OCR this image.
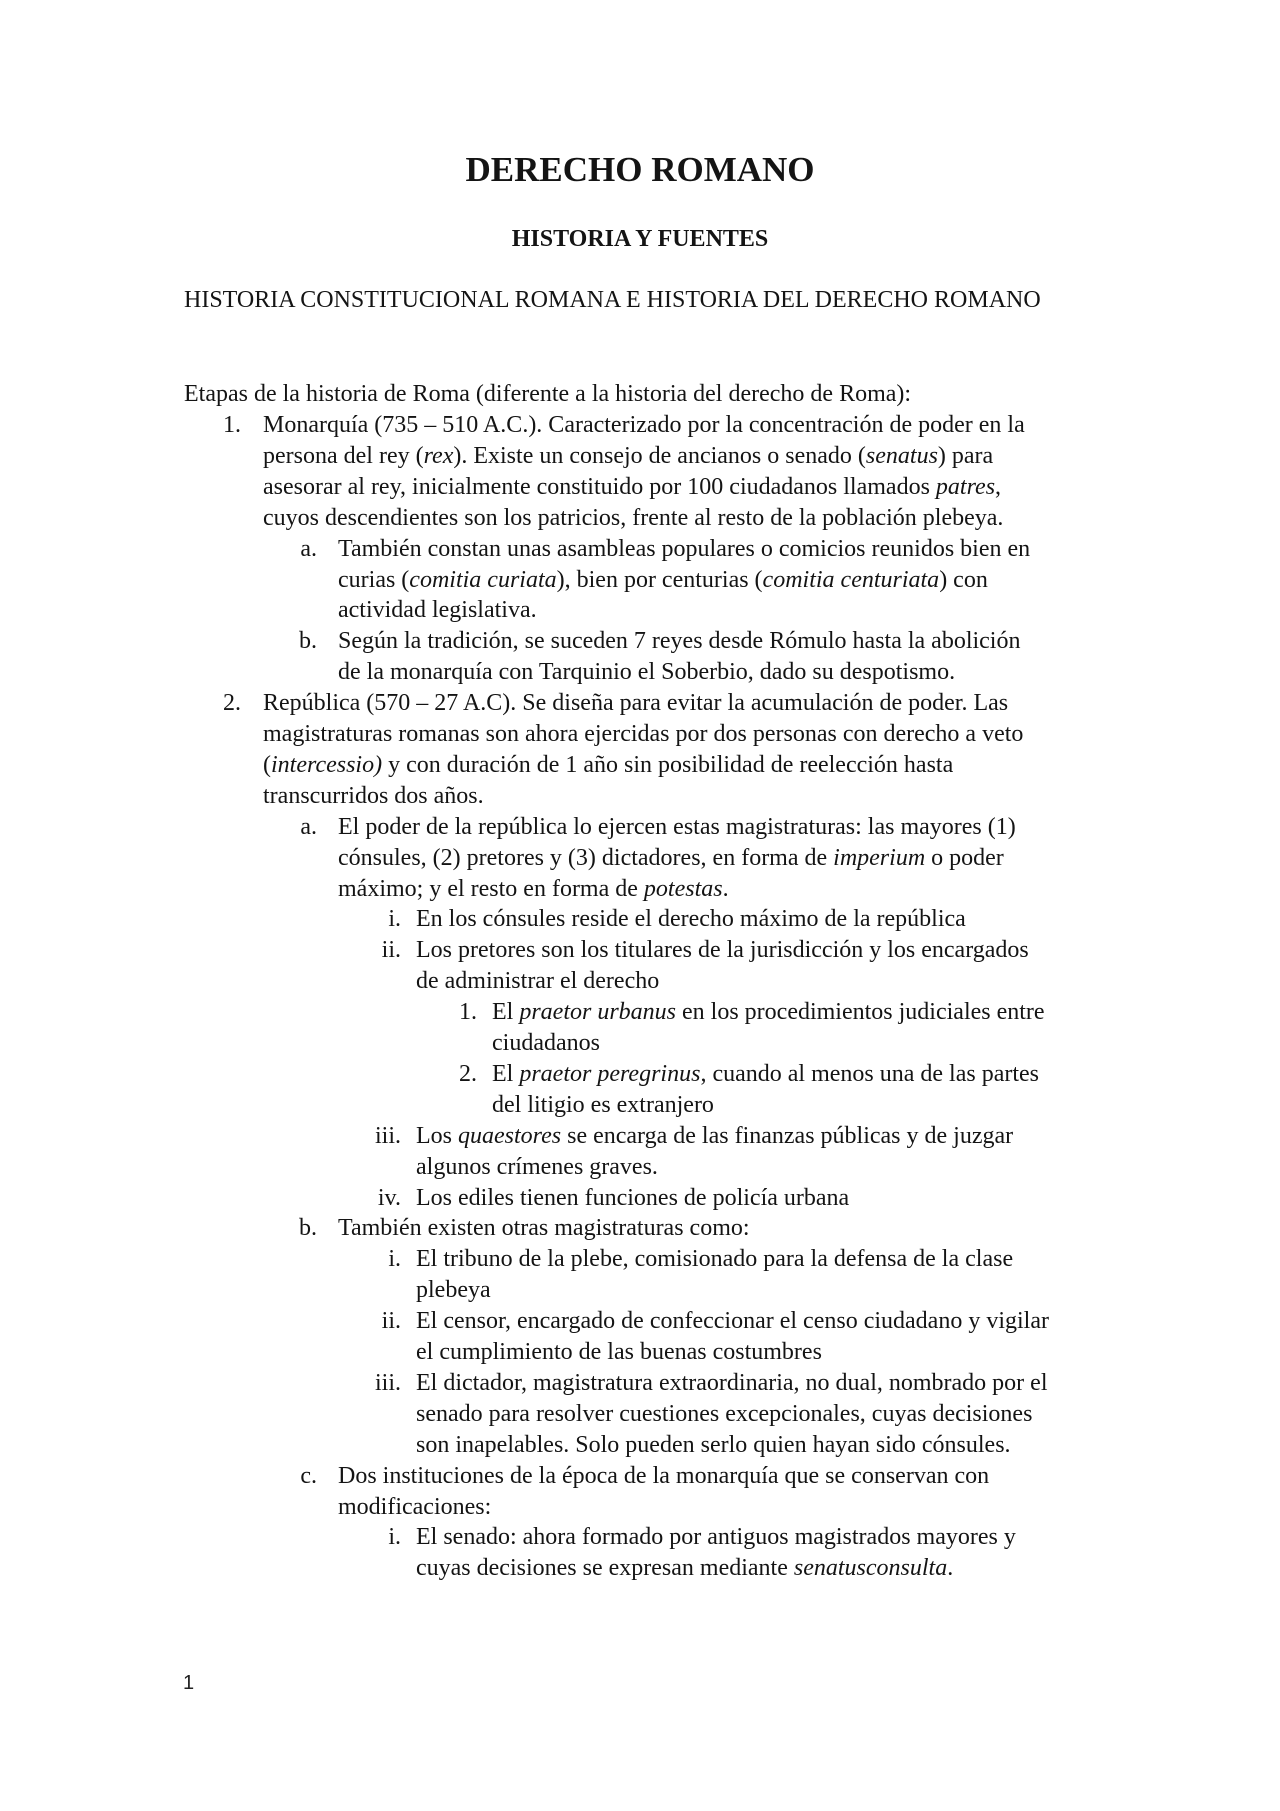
DERECHO ROMANO
HISTORIA Y FUENTES
HISTORIA CONSTITUCIONAL ROMANA E HISTORIA DEL DERECHO ROMANO
Etapas de la historia de Roma (diferente a la historia del derecho de Roma):
1. Monarquía (735 – 510 A.C.). Caracterizado por la concentración de poder en la
persona del rey (rex). Existe un consejo de ancianos o senado (senatus) para
asesorar al rey, inicialmente constituido por 100 ciudadanos llamados patres,
cuyos descendientes son los patricios, frente al resto de la población plebeya.
a. También constan unas asambleas populares o comicios reunidos bien en
curias (comitia curiata), bien por centurias (comitia centuriata) con
actividad legislativa.
b. Según la tradición, se suceden 7 reyes desde Rómulo hasta la abolición
de la monarquía con Tarquinio el Soberbio, dado su despotismo.
2. República (570 – 27 A.C). Se diseña para evitar la acumulación de poder. Las
magistraturas romanas son ahora ejercidas por dos personas con derecho a veto
(intercessio) y con duración de 1 año sin posibilidad de reelección hasta
transcurridos dos años.
a. El poder de la república lo ejercen estas magistraturas: las mayores (1)
cónsules, (2) pretores y (3) dictadores, en forma de imperium o poder
máximo; y el resto en forma de potestas.
i. En los cónsules reside el derecho máximo de la república
ii. Los pretores son los titulares de la jurisdicción y los encargados
de administrar el derecho
1. El praetor urbanus en los procedimientos judiciales entre
ciudadanos
2. El praetor peregrinus, cuando al menos una de las partes
del litigio es extranjero
iii. Los quaestores se encarga de las finanzas públicas y de juzgar
algunos crímenes graves.
iv. Los ediles tienen funciones de policía urbana
b. También existen otras magistraturas como:
i. El tribuno de la plebe, comisionado para la defensa de la clase
plebeya
ii. El censor, encargado de confeccionar el censo ciudadano y vigilar
el cumplimiento de las buenas costumbres
iii. El dictador, magistratura extraordinaria, no dual, nombrado por el
senado para resolver cuestiones excepcionales, cuyas decisiones
son inapelables. Solo pueden serlo quien hayan sido cónsules.
c. Dos instituciones de la época de la monarquía que se conservan con
modificaciones:
i. El senado: ahora formado por antiguos magistrados mayores y
cuyas decisiones se expresan mediante senatusconsulta.
1
